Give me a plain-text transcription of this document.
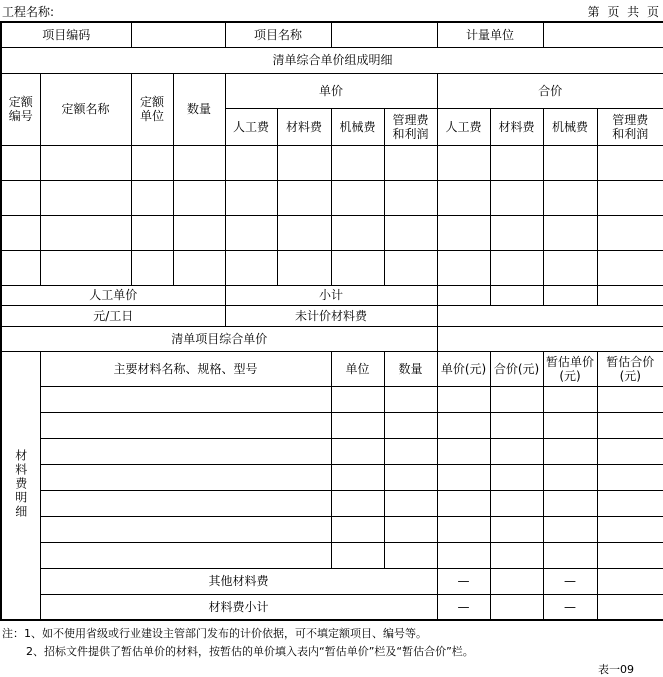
工程名称:	第 页 共 页
项目编码				项目名称				计量单位			
清单综合单价组成明细											
定额编号	定额名称	定额单位	数量	单价				合价			
				人工费	材料费	机械费	管理费和利润	人工费	材料费	机械费	管理费和利润

人工单价				小计							
元/工日				未计价材料费							
清单项目综合单价											
材料费明细	主要材料名称、规格、型号					单位	数量	单价(元)	合价(元)	暂估单价(元)	暂估合价(元)

	其他材料费							—		—	
	材料费小计							—		—	
注：1、如不使用省级或行业建设主管部门发布的计价依据，可不填定额项目、编号等。
2、招标文件提供了暂估单价的材料，按暂估的单价填入表内“暂估单价”栏及“暂估合价”栏。
表一09
